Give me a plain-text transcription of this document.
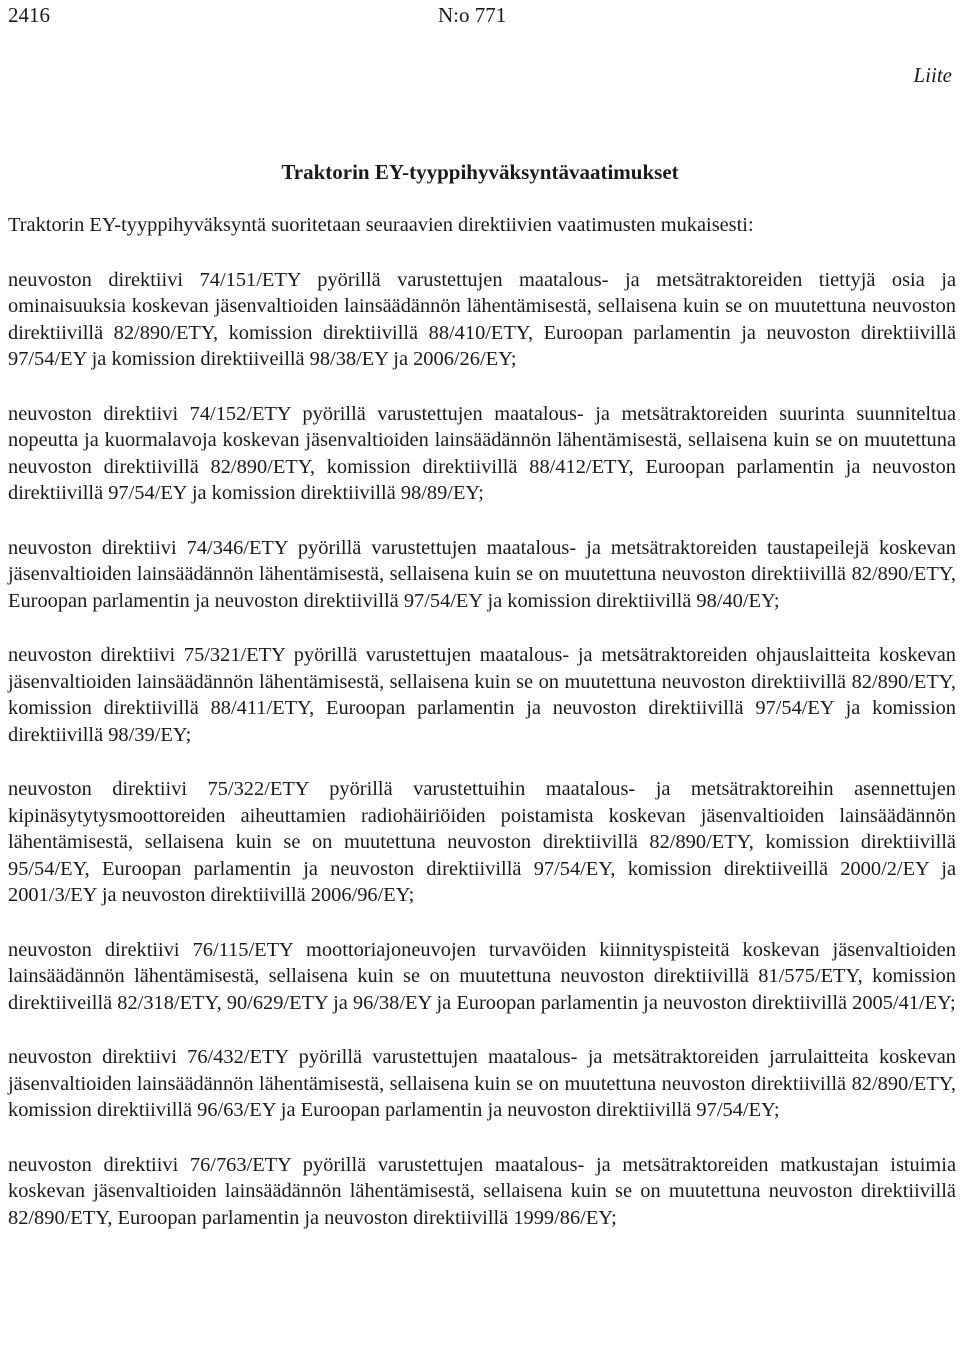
2416	N:o 771
Liite
Traktorin EY-tyyppihyväksyntävaatimukset

Traktorin EY-tyyppihyväksyntä suoritetaan seuraavien direktiivien vaatimusten mukaisesti:

neuvoston direktiivi 74/151/ETY pyörillä varustettujen maatalous- ja metsätraktoreiden tiettyjä osia ja ominaisuuksia koskevan jäsenvaltioiden lainsäädännön lähentämisestä, sellaisena kuin se on muutettuna neuvoston direktiivillä 82/890/ETY, komission direktiivillä 88/410/ETY, Euroopan parlamentin ja neuvoston direktiivillä 97/54/EY ja komission direktiiveillä 98/38/EY ja 2006/26/EY;

neuvoston direktiivi 74/152/ETY pyörillä varustettujen maatalous- ja metsätraktoreiden suurinta suunniteltua nopeutta ja kuormalavoja koskevan jäsenvaltioiden lainsäädännön lähentämisestä, sellaisena kuin se on muutettuna neuvoston direktiivillä 82/890/ETY, komission direktiivillä 88/412/ETY, Euroopan parlamentin ja neuvoston direktiivillä 97/54/EY ja komission direktiivillä 98/89/EY;

neuvoston direktiivi 74/346/ETY pyörillä varustettujen maatalous- ja metsätraktoreiden taustapeilejä koskevan jäsenvaltioiden lainsäädännön lähentämisestä, sellaisena kuin se on muutettuna neuvoston direktiivillä 82/890/ETY, Euroopan parlamentin ja neuvoston direktiivillä 97/54/EY ja komission direktiivillä 98/40/EY;

neuvoston direktiivi 75/321/ETY pyörillä varustettujen maatalous- ja metsätraktoreiden ohjauslaitteita koskevan jäsenvaltioiden lainsäädännön lähentämisestä, sellaisena kuin se on muutettuna neuvoston direktiivillä 82/890/ETY, komission direktiivillä 88/411/ETY, Euroopan parlamentin ja neuvoston direktiivillä 97/54/EY ja komission direktiivillä 98/39/EY;

neuvoston direktiivi 75/322/ETY pyörillä varustettuihin maatalous- ja metsätraktoreihin asennettujen kipinäsytytysmoottoreiden aiheuttamien radiohäiriöiden poistamista koskevan jäsenvaltioiden lainsäädännön lähentämisestä, sellaisena kuin se on muutettuna neuvoston direktiivillä 82/890/ETY, komission direktiivillä 95/54/EY, Euroopan parlamentin ja neuvoston direktiivillä 97/54/EY, komission direktiiveillä 2000/2/EY ja 2001/3/EY ja neuvoston direktiivillä 2006/96/EY;

neuvoston direktiivi 76/115/ETY moottoriajoneuvojen turvavöiden kiinnityspisteitä koskevan jäsenvaltioiden lainsäädännön lähentämisestä, sellaisena kuin se on muutettuna neuvoston direktiivillä 81/575/ETY, komission direktiiveillä 82/318/ETY, 90/629/ETY ja 96/38/EY ja Euroopan parlamentin ja neuvoston direktiivillä 2005/41/EY;

neuvoston direktiivi 76/432/ETY pyörillä varustettujen maatalous- ja metsätraktoreiden jarrulaitteita koskevan jäsenvaltioiden lainsäädännön lähentämisestä, sellaisena kuin se on muutettuna neuvoston direktiivillä 82/890/ETY, komission direktiivillä 96/63/EY ja Euroopan parlamentin ja neuvoston direktiivillä 97/54/EY;

neuvoston direktiivi 76/763/ETY pyörillä varustettujen maatalous- ja metsätraktoreiden matkustajan istuimia koskevan jäsenvaltioiden lainsäädännön lähentämisestä, sellaisena kuin se on muutettuna neuvoston direktiivillä 82/890/ETY, Euroopan parlamentin ja neuvoston direktiivillä 1999/86/EY;
